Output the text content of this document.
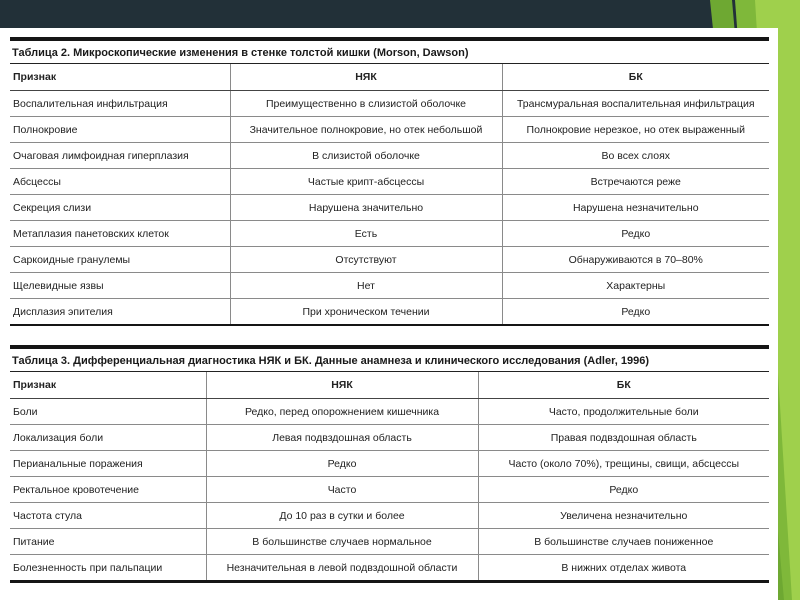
Таблица 2. Микроскопические изменения в стенке толстой кишки (Morson, Dawson)
Признак	НЯК	БК
Воспалительная инфильтрация	Преимущественно в слизистой оболочке	Трансмуральная воспалительная инфильтрация
Полнокровие	Значительное полнокровие, но отек небольшой	Полнокровие нерезкое, но отек выраженный
Очаговая лимфоидная гиперплазия	В слизистой оболочке	Во всех слоях
Абсцессы	Частые крипт-абсцессы	Встречаются реже
Секреция слизи	Нарушена значительно	Нарушена незначительно
Метаплазия панетовских клеток	Есть	Редко
Саркоидные гранулемы	Отсутствуют	Обнаруживаются в 70–80%
Щелевидные язвы	Нет	Характерны
Дисплазия эпителия	При хроническом течении	Редко
Таблица 3. Дифференциальная диагностика НЯК и БК. Данные анамнеза и клинического исследования (Adler, 1996)
Признак	НЯК	БК
Боли	Редко, перед опорожнением кишечника	Часто, продолжительные боли
Локализация боли	Левая подвздошная область	Правая подвздошная область
Перианальные поражения	Редко	Часто (около 70%), трещины, свищи, абсцессы
Ректальное кровотечение	Часто	Редко
Частота стула	До 10 раз в сутки и более	Увеличена незначительно
Питание	В большинстве случаев нормальное	В большинстве случаев пониженное
Болезненность при пальпации	Незначительная в левой подвздошной области	В нижних отделах живота
